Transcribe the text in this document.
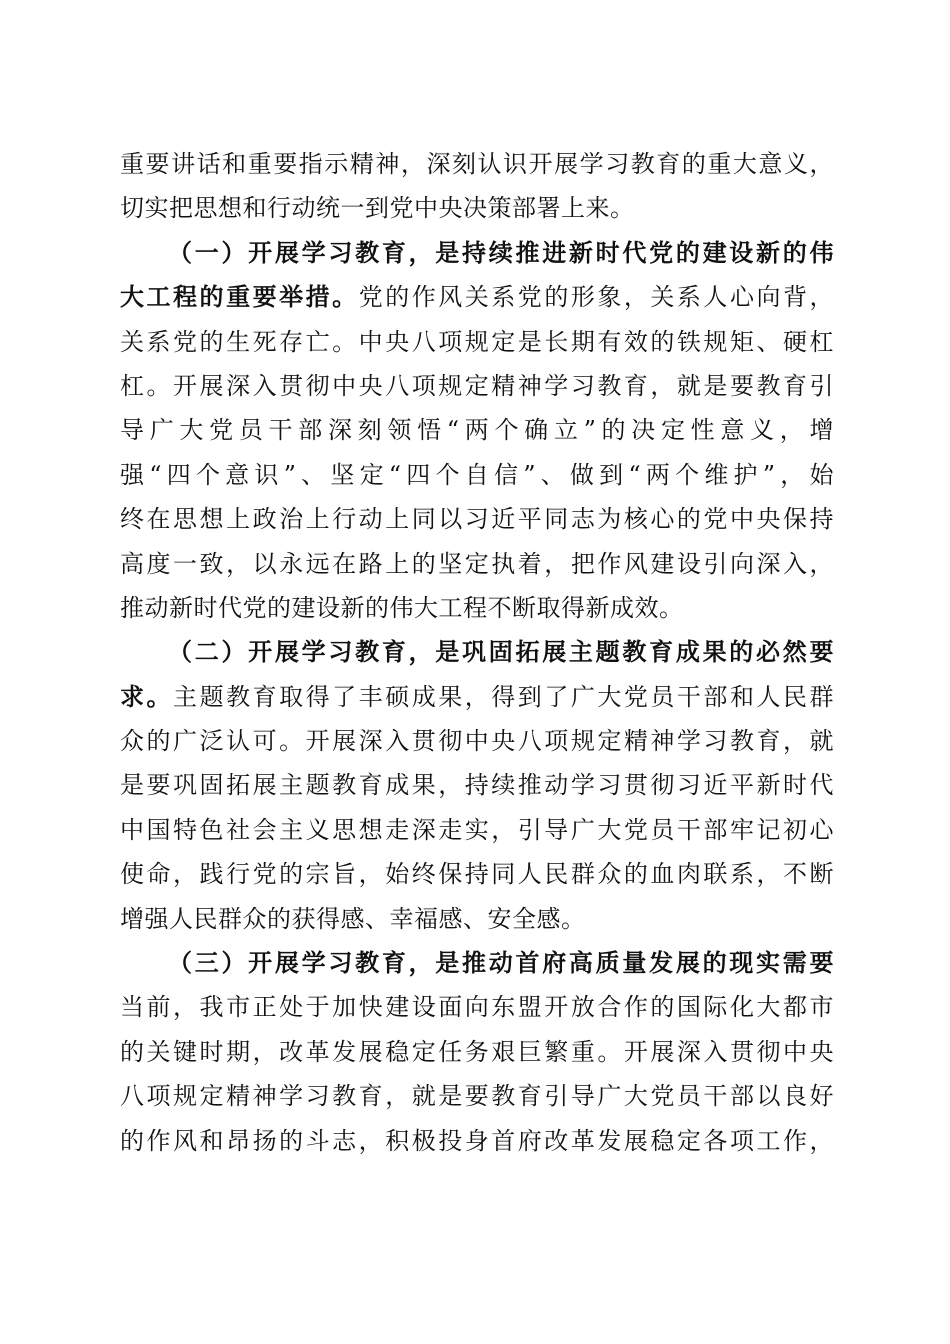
重要讲话和重要指示精神，深刻认识开展学习教育的重大意义，
切实把思想和行动统一到党中央决策部署上来。
（一）开展学习教育，是持续推进新时代党的建设新的伟
大工程的重要举措。党的作风关系党的形象，关系人心向背，
关系党的生死存亡。中央八项规定是长期有效的铁规矩、硬杠
杠。开展深入贯彻中央八项规定精神学习教育，就是要教育引
导广大党员干部深刻领悟“两个确立”的决定性意义，增
强“四个意识”、坚定“四个自信”、做到“两个维护”，始
终在思想上政治上行动上同以习近平同志为核心的党中央保持
高度一致，以永远在路上的坚定执着，把作风建设引向深入，
推动新时代党的建设新的伟大工程不断取得新成效。
（二）开展学习教育，是巩固拓展主题教育成果的必然要
求。主题教育取得了丰硕成果，得到了广大党员干部和人民群
众的广泛认可。开展深入贯彻中央八项规定精神学习教育，就
是要巩固拓展主题教育成果，持续推动学习贯彻习近平新时代
中国特色社会主义思想走深走实，引导广大党员干部牢记初心
使命，践行党的宗旨，始终保持同人民群众的血肉联系，不断
增强人民群众的获得感、幸福感、安全感。
（三）开展学习教育，是推动首府高质量发展的现实需要
当前，我市正处于加快建设面向东盟开放合作的国际化大都市
的关键时期，改革发展稳定任务艰巨繁重。开展深入贯彻中央
八项规定精神学习教育，就是要教育引导广大党员干部以良好
的作风和昂扬的斗志，积极投身首府改革发展稳定各项工作，
